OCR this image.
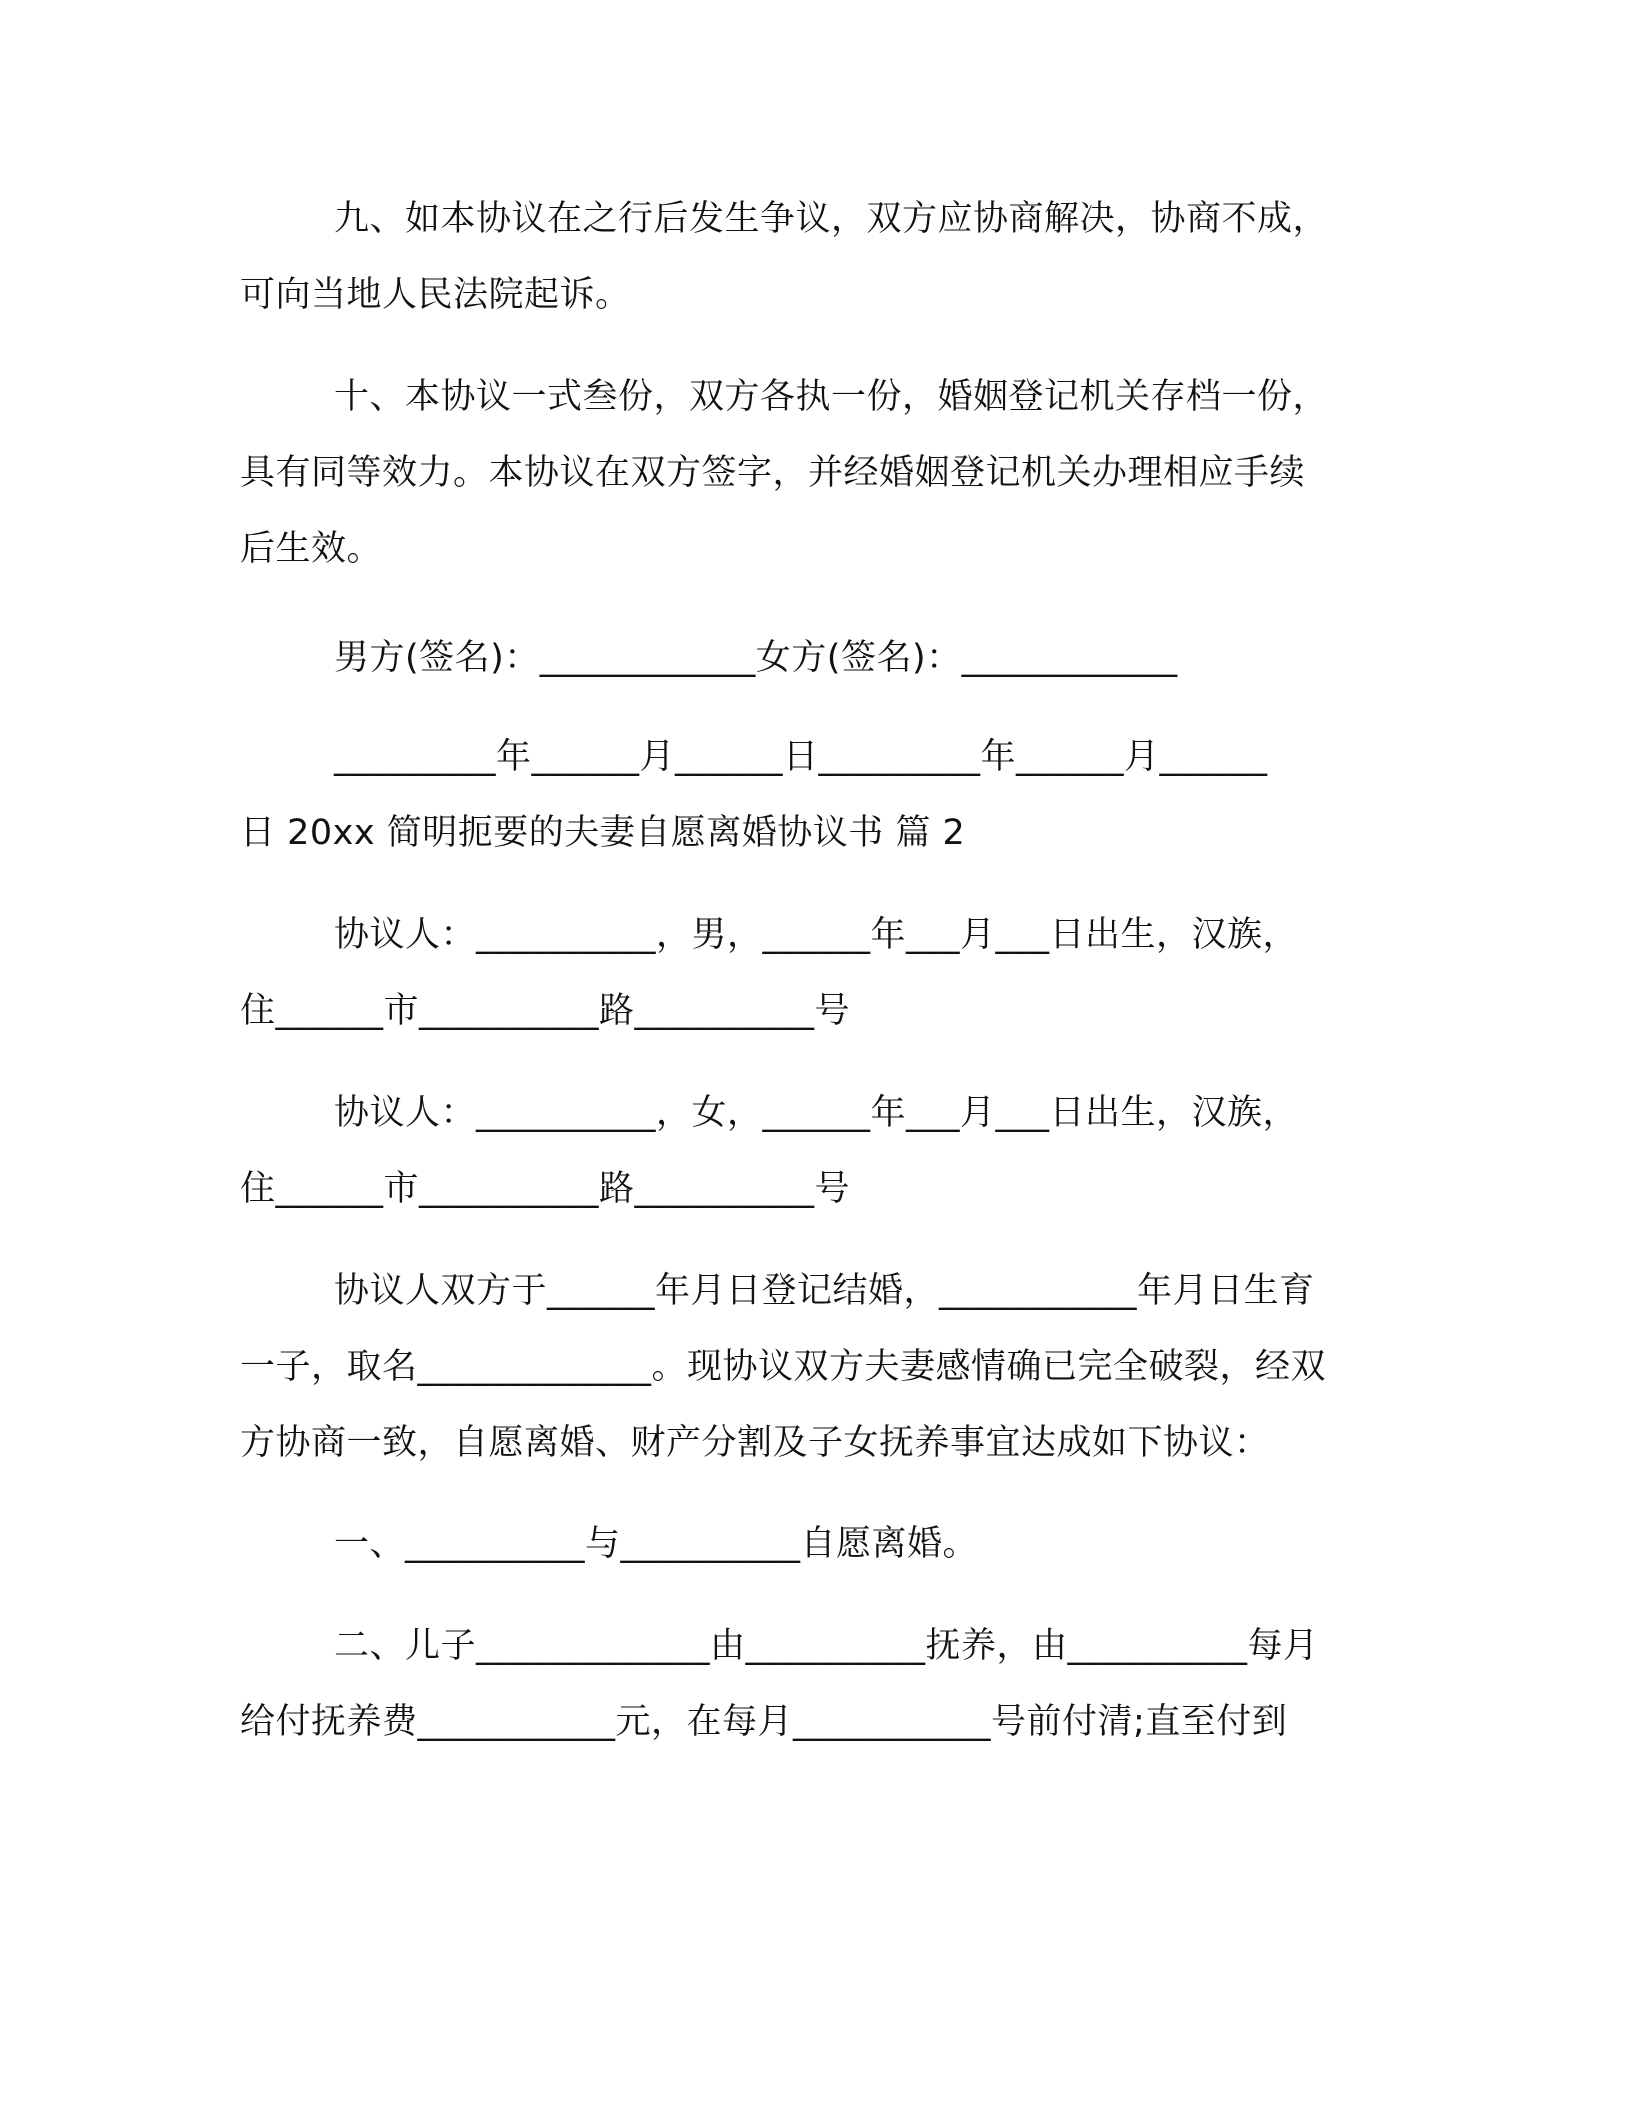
九、如本协议在之行后发生争议，双方应协商解决，协商不成，

可向当地人民法院起诉。

十、本协议一式叁份，双方各执一份，婚姻登记机关存档一份，

具有同等效力。本协议在双方签字，并经婚姻登记机关办理相应手续

后生效。

男方(签名)：____________女方(签名)：____________

_________年______月______日_________年______月______

日 20xx 简明扼要的夫妻自愿离婚协议书 篇 2

协议人：__________，男，______年___月___日出生，汉族，

住______市__________路__________号

协议人：__________，女，______年___月___日出生，汉族，

住______市__________路__________号

协议人双方于______年月日登记结婚，___________年月日生育

一子，取名_____________。现协议双方夫妻感情确已完全破裂，经双

方协商一致，自愿离婚、财产分割及子女抚养事宜达成如下协议：

一、__________与__________自愿离婚。

二、儿子_____________由__________抚养，由__________每月

给付抚养费___________元，在每月___________号前付清;直至付到
